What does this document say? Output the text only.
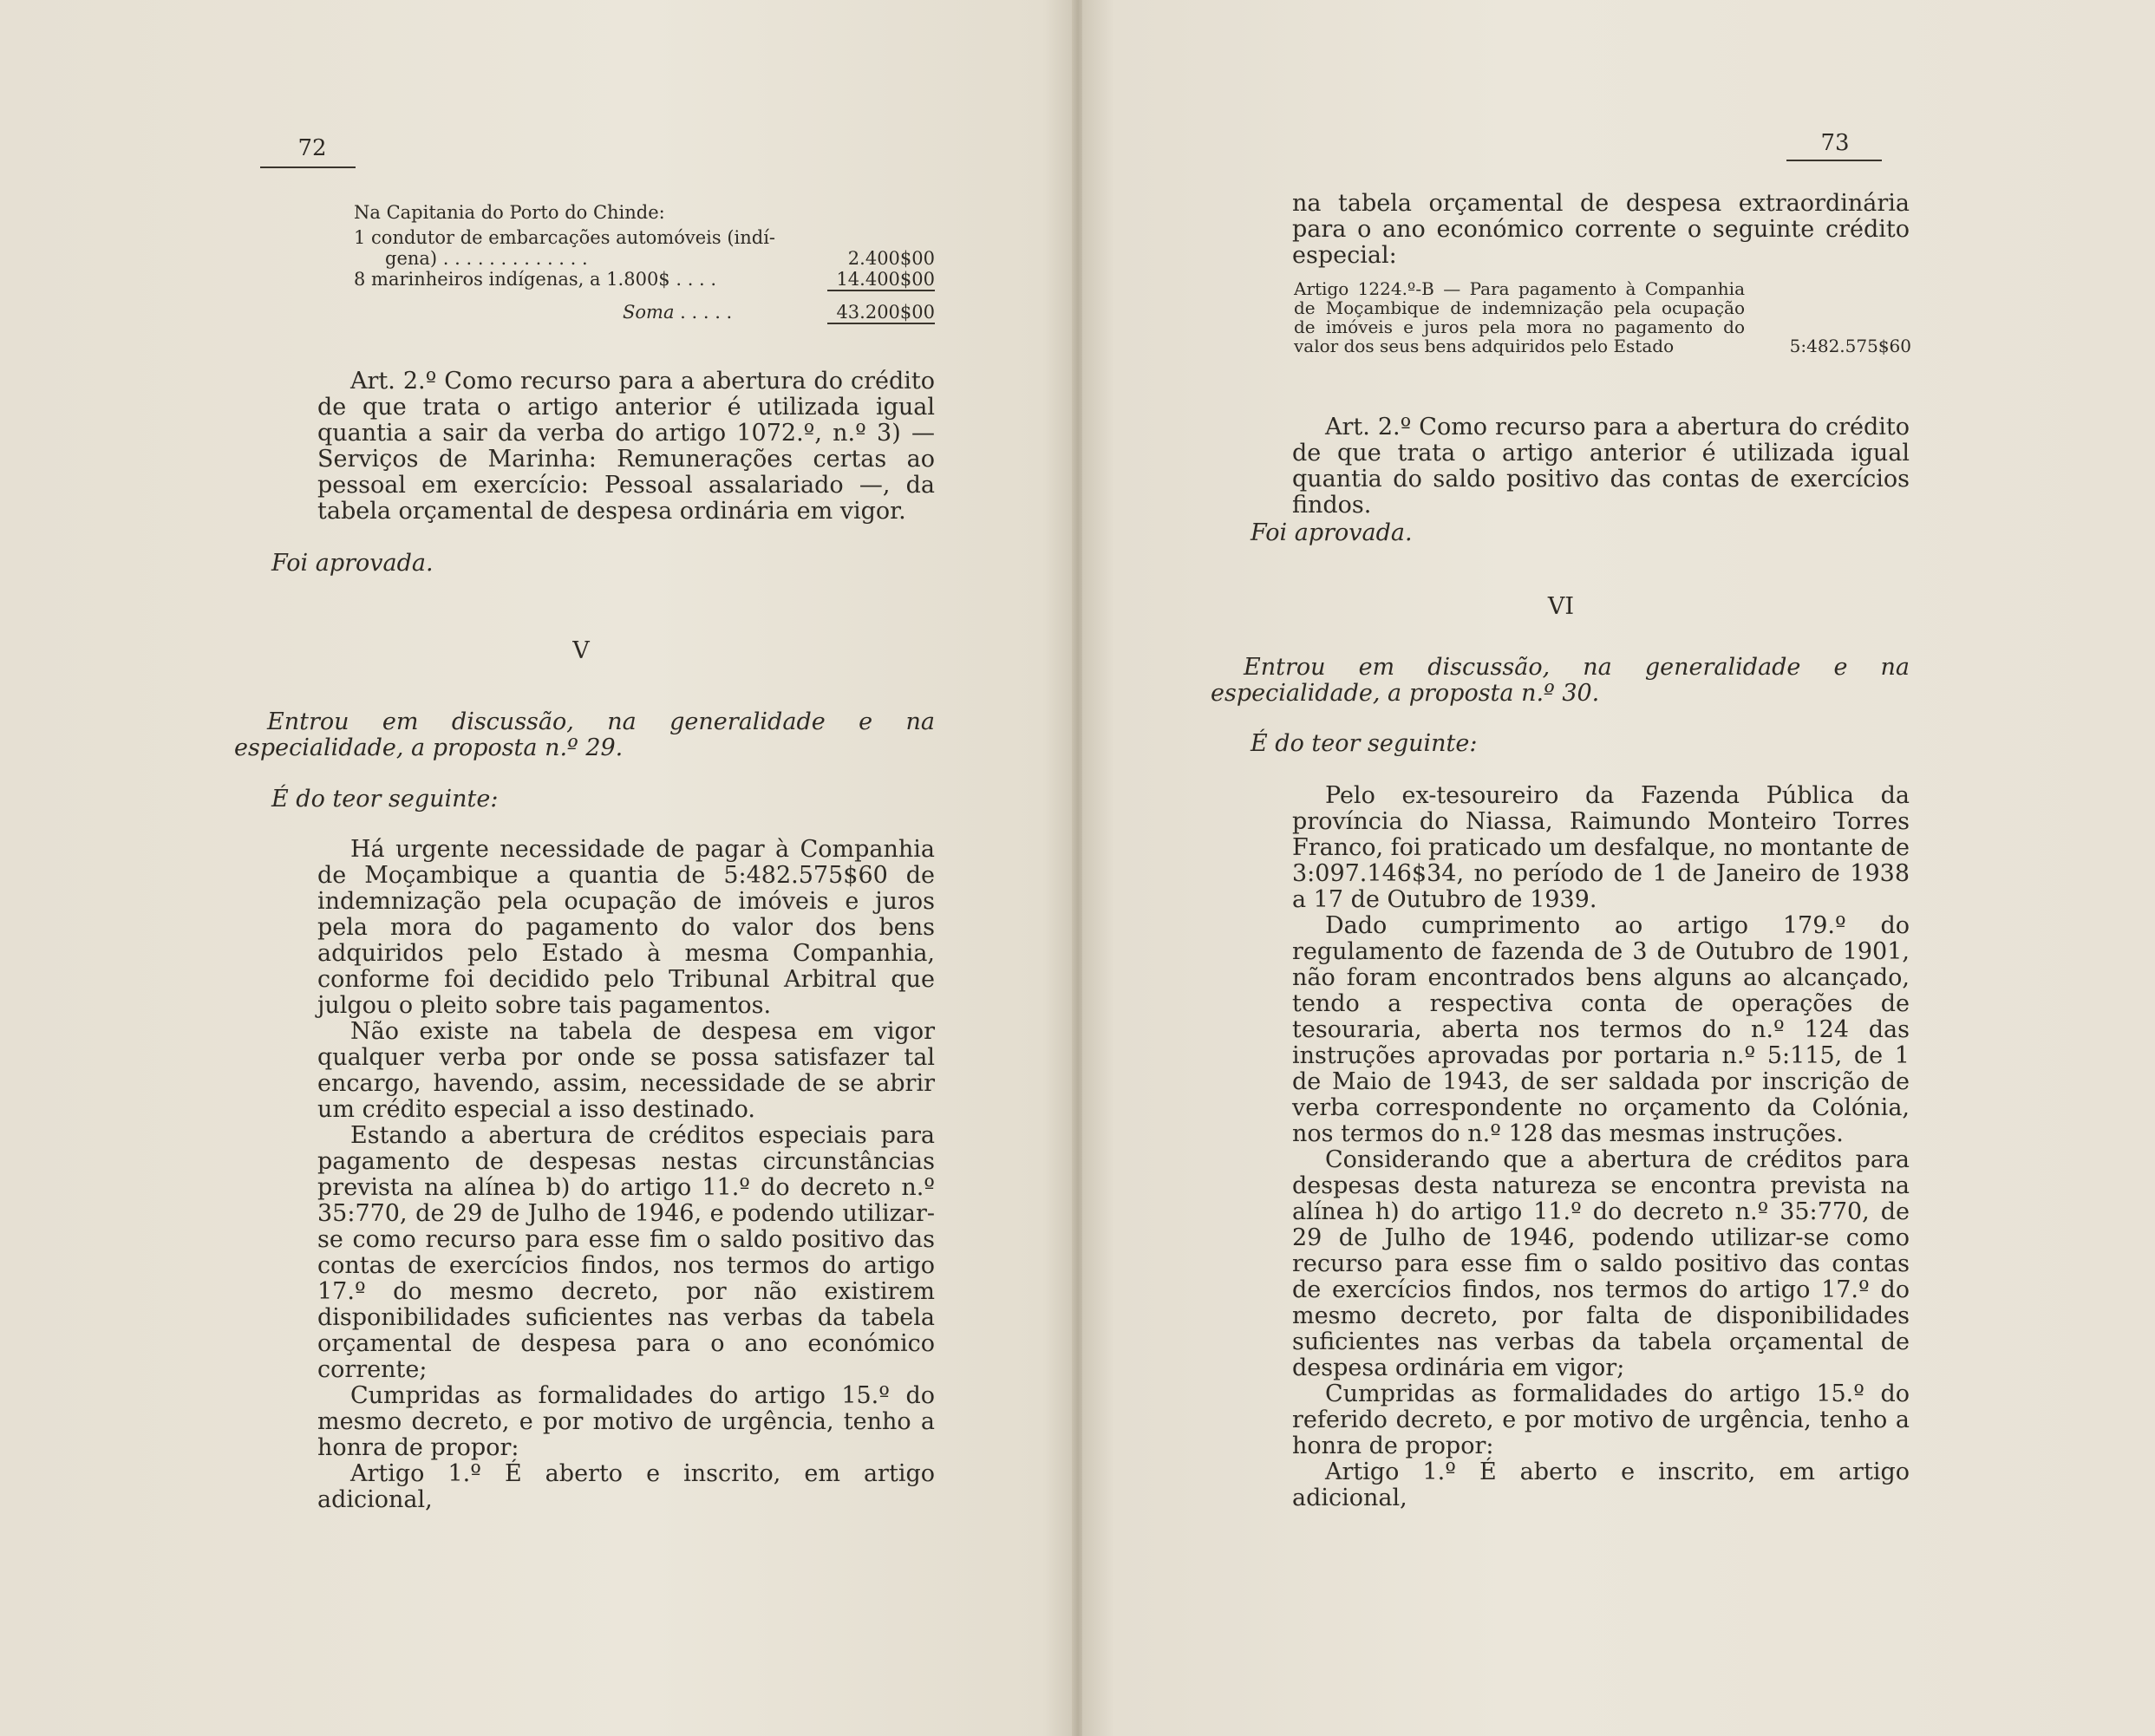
72
Na Capitania do Porto do Chinde:
1 condutor de embarcações automóveis (indí-
gena) . . . . . . . . . . . . .	2.400$00
8 marinheiros indígenas, a 1.800$ . . . .	14.400$00
Soma . . . . .	43.200$00

Art. 2.º Como recurso para a abertura do crédito de que trata o artigo anterior é utilizada igual quantia a sair da verba do artigo 1072.º, n.º 3) — Serviços de Marinha: Remunerações certas ao pessoal em exercício: Pessoal assalariado —, da tabela orçamental de despesa ordinária em vigor.

Foi aprovada.
V

Entrou em discussão, na generalidade e na especialidade, a proposta n.º 29.

É do teor seguinte:

Há urgente necessidade de pagar à Companhia de Moçambique a quantia de 5:482.575$60 de indemnização pela ocupação de imóveis e juros pela mora do pagamento do valor dos bens adquiridos pelo Estado à mesma Companhia, conforme foi decidido pelo Tribunal Arbitral que julgou o pleito sobre tais pagamentos.

Não existe na tabela de despesa em vigor qualquer verba por onde se possa satisfazer tal encargo, havendo, assim, necessidade de se abrir um crédito especial a isso destinado.

Estando a abertura de créditos especiais para pagamento de despesas nestas circunstâncias prevista na alínea b) do artigo 11.º do decreto n.º 35:770, de 29 de Julho de 1946, e podendo utilizar-se como recurso para esse fim o saldo positivo das contas de exercícios findos, nos termos do artigo 17.º do mesmo decreto, por não existirem disponibilidades suficientes nas verbas da tabela orçamental de despesa para o ano económico corrente;

Cumpridas as formalidades do artigo 15.º do mesmo decreto, e por motivo de urgência, tenho a honra de propor:

Artigo 1.º É aberto e inscrito, em artigo adicional,

73

na tabela orçamental de despesa extraordinária para o ano económico corrente o seguinte crédito especial:

Artigo 1224.º-B — Para pagamento à Companhia de Moçambique de indemnização pela ocupação de imóveis e juros pela mora no pagamento do valor dos seus bens adquiridos pelo Estado	5:482.575$60

Art. 2.º Como recurso para a abertura do crédito de que trata o artigo anterior é utilizada igual quantia do saldo positivo das contas de exercícios findos.

Foi aprovada.
VI

Entrou em discussão, na generalidade e na especialidade, a proposta n.º 30.

É do teor seguinte:

Pelo ex-tesoureiro da Fazenda Pública da província do Niassa, Raimundo Monteiro Torres Franco, foi praticado um desfalque, no montante de 3:097.146$34, no período de 1 de Janeiro de 1938 a 17 de Outubro de 1939.

Dado cumprimento ao artigo 179.º do regulamento de fazenda de 3 de Outubro de 1901, não foram encontrados bens alguns ao alcançado, tendo a respectiva conta de operações de tesouraria, aberta nos termos do n.º 124 das instruções aprovadas por portaria n.º 5:115, de 1 de Maio de 1943, de ser saldada por inscrição de verba correspondente no orçamento da Colónia, nos termos do n.º 128 das mesmas instruções.

Considerando que a abertura de créditos para despesas desta natureza se encontra prevista na alínea h) do artigo 11.º do decreto n.º 35:770, de 29 de Julho de 1946, podendo utilizar-se como recurso para esse fim o saldo positivo das contas de exercícios findos, nos termos do artigo 17.º do mesmo decreto, por falta de disponibilidades suficientes nas verbas da tabela orçamental de despesa ordinária em vigor;

Cumpridas as formalidades do artigo 15.º do referido decreto, e por motivo de urgência, tenho a honra de propor:

Artigo 1.º É aberto e inscrito, em artigo adicional,
